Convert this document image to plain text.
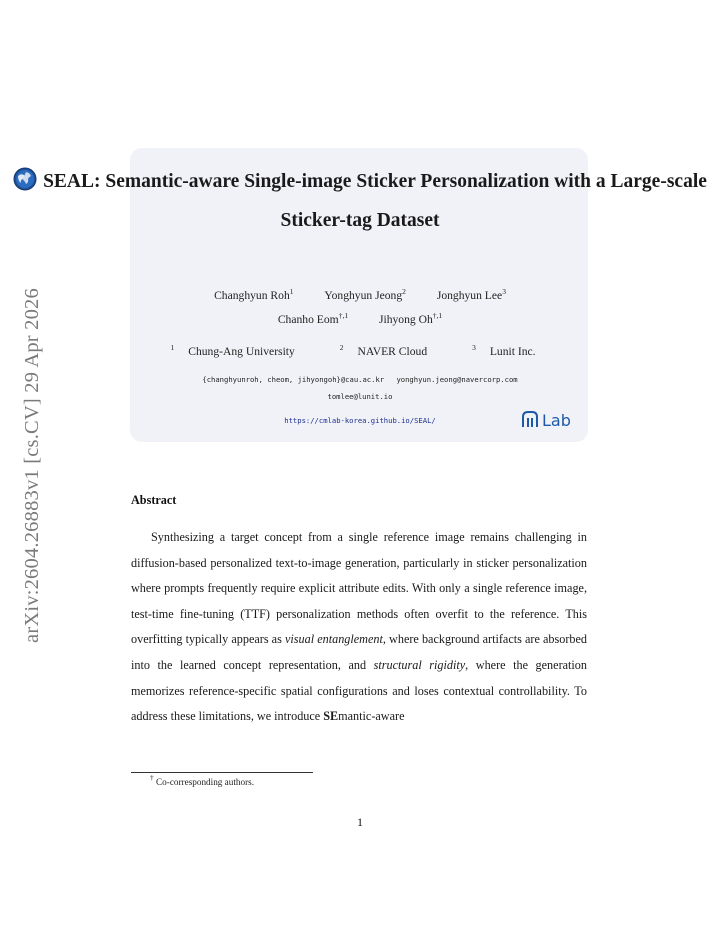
arXiv:2604.26883v1 [cs.CV] 29 Apr 2026
SEAL: Semantic-aware Single-image Sticker Personalization with a Large-scale Sticker-tag Dataset
Changhyun Roh$^1$	Yonghyun Jeong$^2$	Jonghyun Lee$^3$
Chanho Eom$^{\dagger,1}$	Jihyong $Oh^{\dagger,1}$
$^1$ Chung-Ang University	$^2$ NAVER Cloud	$^3$ Lunit Inc.
{changhyunroh, cheom, jihyongoh}@cau.ac.kr yonghyun.jeong@navercorp.com
tomlee@lunit.io
https://cmlab-korea.github.io/SEAL/	Lab
Abstract
Synthesizing a target concept from a single reference image remains challenging in diffusion-based personalized text-to-image generation, particularly in sticker personalization where prompts frequently require explicit attribute edits. With only a single reference image, test-time fine-tuning (TTF) personalization methods often overfit to the reference. This overfitting typically appears as visual entanglement, where background artifacts are absorbed into the learned concept representation, and structural rigidity, where the generation memorizes reference-specific spatial configurations and loses contextual controllability. To address these limitations, we introduce SEmantic-aware
† Co-corresponding authors.
1
